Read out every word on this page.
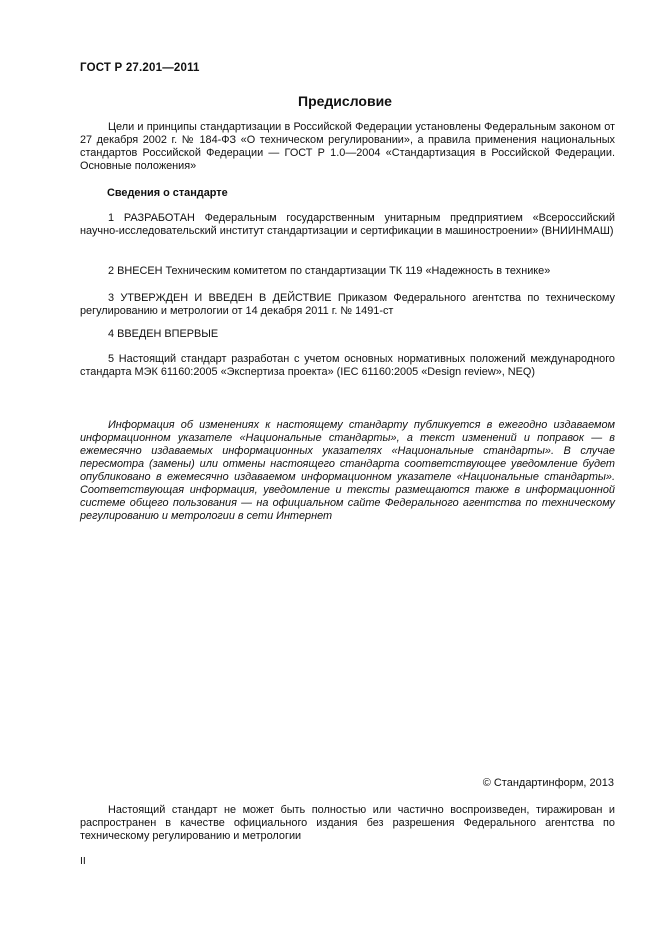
ГОСТ Р 27.201—2011
Предисловие
Цели и принципы стандартизации в Российской Федерации установлены Федеральным законом от 27 декабря 2002 г. № 184-ФЗ «О техническом регулировании», а правила применения национальных стандартов Российской Федерации — ГОСТ Р 1.0—2004 «Стандартизация в Российской Федерации. Основные положения»
Сведения о стандарте
1 РАЗРАБОТАН Федеральным государственным унитарным предприятием «Всероссийский научно-исследовательский институт стандартизации и сертификации в машиностроении» (ВНИИНМАШ)
2 ВНЕСЕН Техническим комитетом по стандартизации ТК 119 «Надежность в технике»
3 УТВЕРЖДЕН И ВВЕДЕН В ДЕЙСТВИЕ Приказом Федерального агентства по техническому регулированию и метрологии от 14 декабря 2011 г. № 1491-ст
4 ВВЕДЕН ВПЕРВЫЕ
5 Настоящий стандарт разработан с учетом основных нормативных положений международного стандарта МЭК 61160:2005 «Экспертиза проекта» (IEC 61160:2005 «Design review», NEQ)
Информация об изменениях к настоящему стандарту публикуется в ежегодно издаваемом информационном указателе «Национальные стандарты», а текст изменений и поправок — в ежемесячно издаваемых информационных указателях «Национальные стандарты». В случае пересмотра (замены) или отмены настоящего стандарта соответствующее уведомление будет опубликовано в ежемесячно издаваемом информационном указателе «Национальные стандарты». Соответствующая информация, уведомление и тексты размещаются также в информационной системе общего пользования — на официальном сайте Федерального агентства по техническому регулированию и метрологии в сети Интернет
© Стандартинформ, 2013
Настоящий стандарт не может быть полностью или частично воспроизведен, тиражирован и распространен в качестве официального издания без разрешения Федерального агентства по техническому регулированию и метрологии
II
